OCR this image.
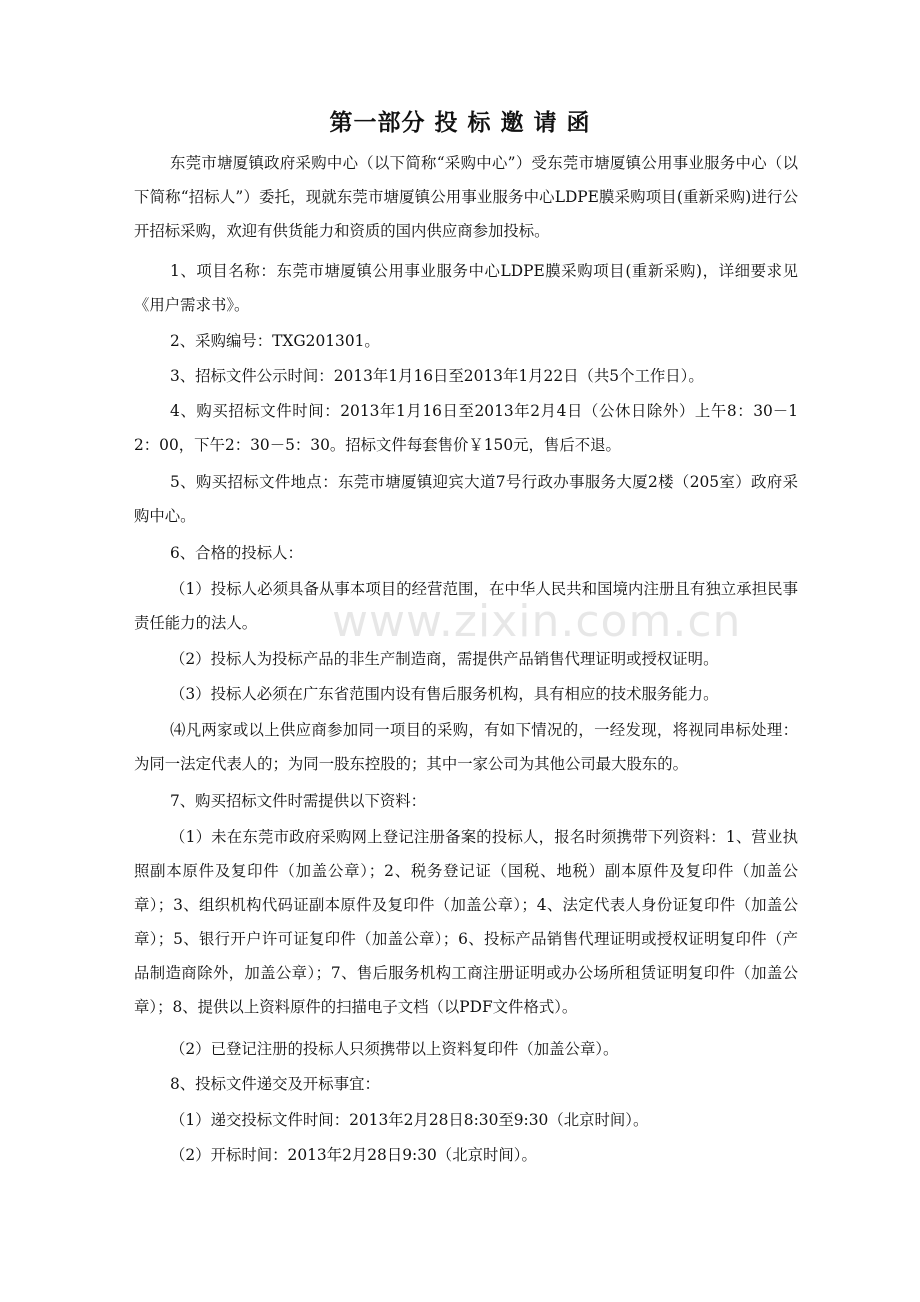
第一部分 投 标 邀 请 函
东莞市塘厦镇政府采购中心（以下简称“采购中心”）受东莞市塘厦镇公用事业服务中心（以下简称“招标人”）委托，现就东莞市塘厦镇公用事业服务中心LDPE膜采购项目(重新采购)进行公开招标采购，欢迎有供货能力和资质的国内供应商参加投标。
1、项目名称：东莞市塘厦镇公用事业服务中心LDPE膜采购项目(重新采购)，详细要求见《用户需求书》。
2、采购编号：TXG201301。
3、招标文件公示时间：2013年1月16日至2013年1月22日（共5个工作日）。
4、购买招标文件时间：2013年1月16日至2013年2月4日（公休日除外）上午8：30－12：00，下午2：30－5：30。招标文件每套售价￥150元，售后不退。
5、购买招标文件地点：东莞市塘厦镇迎宾大道7号行政办事服务大厦2楼（205室）政府采购中心。
6、合格的投标人：
（1）投标人必须具备从事本项目的经营范围，在中华人民共和国境内注册且有独立承担民事责任能力的法人。
（2）投标人为投标产品的非生产制造商，需提供产品销售代理证明或授权证明。
（3）投标人必须在广东省范围内设有售后服务机构，具有相应的技术服务能力。
⑷凡两家或以上供应商参加同一项目的采购，有如下情况的，一经发现，将视同串标处理：为同一法定代表人的；为同一股东控股的；其中一家公司为其他公司最大股东的。
7、购买招标文件时需提供以下资料：
（1）未在东莞市政府采购网上登记注册备案的投标人，报名时须携带下列资料：1、营业执照副本原件及复印件（加盖公章）；2、税务登记证（国税、地税）副本原件及复印件（加盖公章）；3、组织机构代码证副本原件及复印件（加盖公章）；4、法定代表人身份证复印件（加盖公章）；5、银行开户许可证复印件（加盖公章）；6、投标产品销售代理证明或授权证明复印件（产品制造商除外，加盖公章）；7、售后服务机构工商注册证明或办公场所租赁证明复印件（加盖公章）；8、提供以上资料原件的扫描电子文档（以PDF文件格式）。
（2）已登记注册的投标人只须携带以上资料复印件（加盖公章）。
8、投标文件递交及开标事宜：
（1）递交投标文件时间：2013年2月28日8:30至9:30（北京时间）。
（2）开标时间：2013年2月28日9:30（北京时间）。
www.zixin.com.cn
